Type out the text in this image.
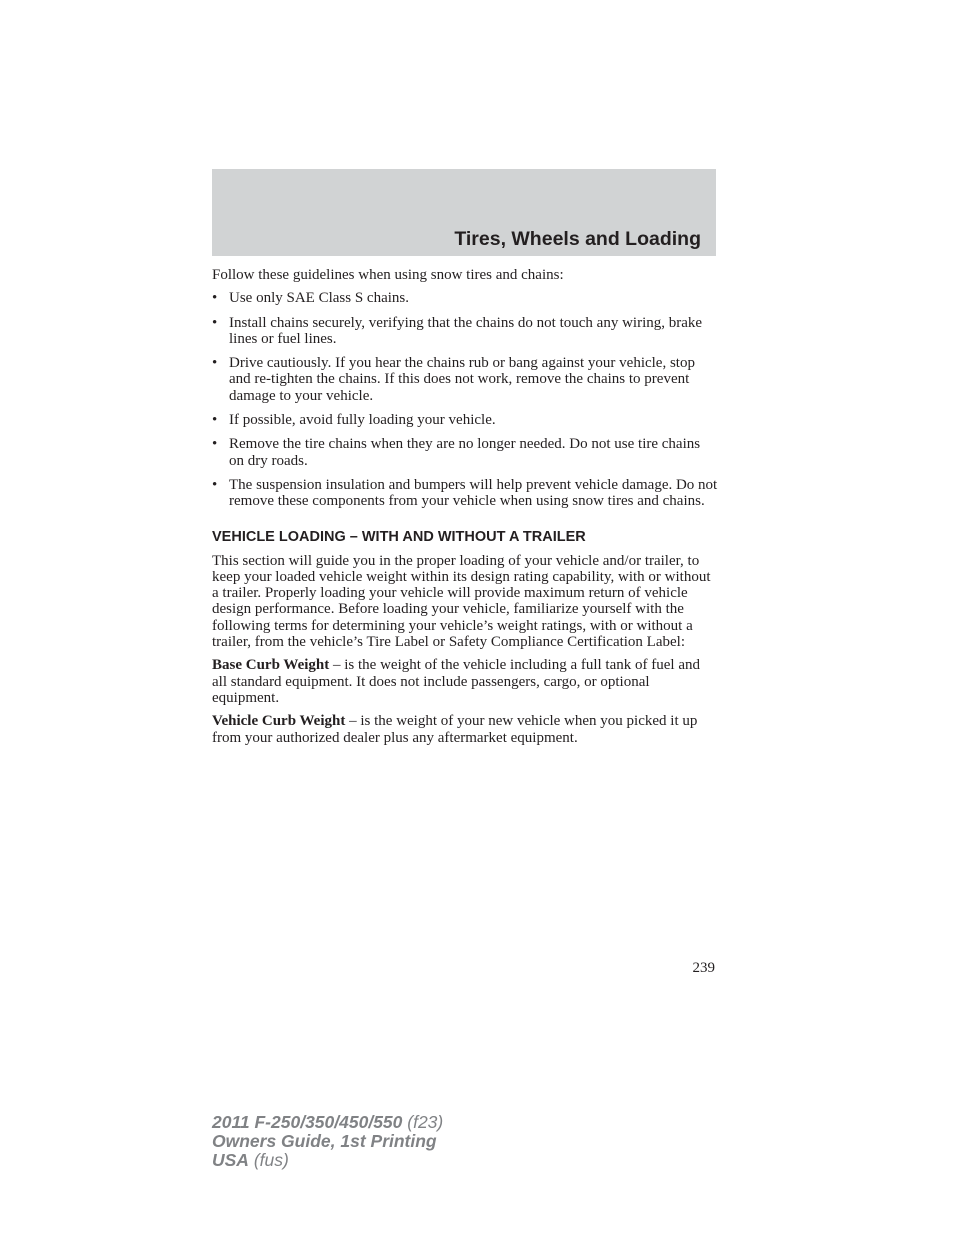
Tires, Wheels and Loading

Follow these guidelines when using snow tires and chains:

• Use only SAE Class S chains.
• Install chains securely, verifying that the chains do not touch any wiring, brake lines or fuel lines.
• Drive cautiously. If you hear the chains rub or bang against your vehicle, stop and re-tighten the chains. If this does not work, remove the chains to prevent damage to your vehicle.
• If possible, avoid fully loading your vehicle.
• Remove the tire chains when they are no longer needed. Do not use tire chains on dry roads.
• The suspension insulation and bumpers will help prevent vehicle damage. Do not remove these components from your vehicle when using snow tires and chains.
VEHICLE LOADING – WITH AND WITHOUT A TRAILER

This section will guide you in the proper loading of your vehicle and/or trailer, to keep your loaded vehicle weight within its design rating capability, with or without a trailer. Properly loading your vehicle will provide maximum return of vehicle design performance. Before loading your vehicle, familiarize yourself with the following terms for determining your vehicle’s weight ratings, with or without a trailer, from the vehicle’s Tire Label or Safety Compliance Certification Label:

Base Curb Weight – is the weight of the vehicle including a full tank of fuel and all standard equipment. It does not include passengers, cargo, or optional equipment.

Vehicle Curb Weight – is the weight of your new vehicle when you picked it up from your authorized dealer plus any aftermarket equipment.

239
2011 F-250/350/450/550 (f23)
Owners Guide, 1st Printing
USA (fus)
